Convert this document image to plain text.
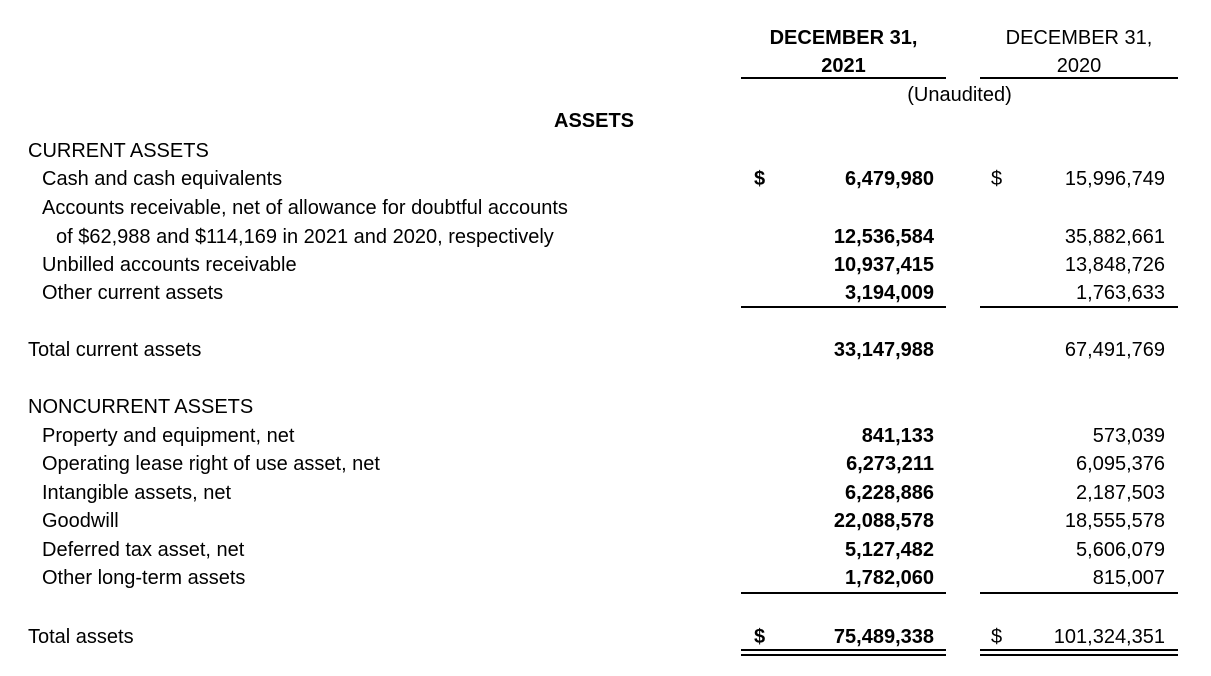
DECEMBER 31,
2021
DECEMBER 31,
2020
(Unaudited)
ASSETS
CURRENT ASSETS
Cash and cash equivalents	$	6,479,980	$	15,996,749
Accounts receivable, net of allowance for doubtful accounts
of $62,988 and $114,169 in 2021 and 2020, respectively	12,536,584	35,882,661
Unbilled accounts receivable	10,937,415	13,848,726
Other current assets	3,194,009	1,763,633
Total current assets	33,147,988	67,491,769
NONCURRENT ASSETS
Property and equipment, net	841,133	573,039
Operating lease right of use asset, net	6,273,211	6,095,376
Intangible assets, net	6,228,886	2,187,503
Goodwill	22,088,578	18,555,578
Deferred tax asset, net	5,127,482	5,606,079
Other long-term assets	1,782,060	815,007
Total assets	$	75,489,338	$	101,324,351
